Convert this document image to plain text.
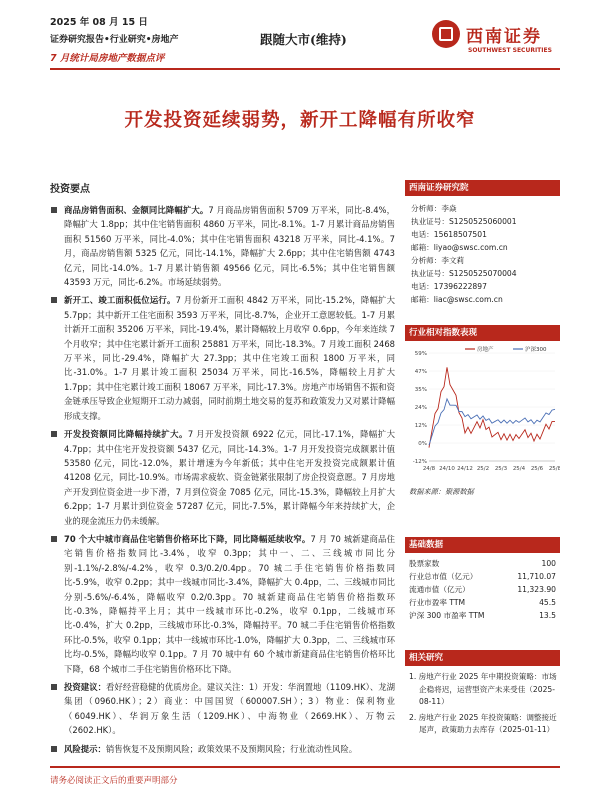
2025 年 08 月 15 日
证券研究报告•行业研究•房地产
7 月统计局房地产数据点评
跟随大市(维持)	西南证券
SOUTHWEST SECURITIES
开发投资延续弱势，新开工降幅有所收窄
投资要点
商品房销售面积、金额同比降幅扩大。7 月商品房销售面积 5709 万平米，同比-8.4%，降幅扩大 1.8pp；其中住宅销售面积 4860 万平米，同比-8.1%。1-7 月累计商品房销售面积 51560 万平米，同比-4.0%；其中住宅销售面积 43218 万平米，同比-4.1%。7 月，商品房销售额 5325 亿元，同比-14.1%，降幅扩大 2.6pp；其中住宅销售额 4743 亿元，同比-14.0%。1-7 月累计销售额 49566 亿元，同比-6.5%；其中住宅销售额 43593 万元，同比-6.2%。市场延续弱势。
新开工、竣工面积低位运行。7 月份新开工面积 4842 万平米，同比-15.2%，降幅扩大 5.7pp；其中新开工住宅面积 3593 万平米，同比-8.7%，企业开工意愿较低。1-7 月累计新开工面积 35206 万平米，同比-19.4%，累计降幅较上月收窄 0.6pp，今年来连续 7 个月收窄；其中住宅累计新开工面积 25881 万平米，同比-18.3%。7 月竣工面积 2468 万平米，同比-29.4%，降幅扩大 27.3pp；其中住宅竣工面积 1800 万平米，同比-31.0%。1-7 月累计竣工面积 25034 万平米，同比-16.5%，降幅较上月扩大 1.7pp；其中住宅累计竣工面积 18067 万平米，同比-17.3%。房地产市场销售不振和资金链承压导致企业短期开工动力减弱，同时前期土地交易的复苏和政策发力又对累计降幅形成支撑。
开发投资额同比降幅持续扩大。7 月开发投资额 6922 亿元，同比-17.1%，降幅扩大 4.7pp；其中住宅开发投资额 5437 亿元，同比-14.3%。1-7 月开发投资完成额累计值 53580 亿元，同比-12.0%，累计增速为今年新低；其中住宅开发投资完成额累计值 41208 亿元，同比-10.9%。市场需求疲软、资金链紧张限制了房企投资意愿。7 月房地产开发到位资金进一步下滑，7 月到位资金 7085 亿元，同比-15.3%，降幅较上月扩大 6.2pp；1-7 月累计到位资金 57287 亿元，同比-7.5%，累计降幅今年来持续扩大，企业的现金流压力仍未缓解。
70 个大中城市商品住宅销售价格环比下降，同比降幅延续收窄。7 月 70 城新建商品住宅销售价格指数同比-3.4%，收窄 0.3pp；其中一、二、三线城市同比分别-1.1%/-2.8%/-4.2%，收窄 0.3/0.2/0.4pp。70 城二手住宅销售价格指数同比-5.9%，收窄 0.2pp；其中一线城市同比-3.4%，降幅扩大 0.4pp，二、三线城市同比分别-5.6%/-6.4%，降幅收窄 0.2/0.3pp。70 城新建商品住宅销售价格指数环比-0.3%，降幅持平上月；其中一线城市环比-0.2%，收窄 0.1pp，二线城市环比-0.4%，扩大 0.2pp，三线城市环比-0.3%，降幅持平。70 城二手住宅销售价格指数环比-0.5%，收窄 0.1pp；其中一线城市环比-1.0%，降幅扩大 0.3pp，二、三线城市环比均-0.5%，降幅均收窄 0.1pp。7 月 70 城中有 60 个城市新建商品住宅销售价格环比下降，68 个城市二手住宅销售价格环比下降。
投资建议：看好经营稳健的优质房企。建议关注：1）开发：华润置地（1109.HK）、龙湖集团（0960.HK）；2）商业：中国国贸（600007.SH）；3）物业：保利物业（6049.HK）、华润万象生活（1209.HK）、中海物业（2669.HK）、万物云（2602.HK）。
风险提示：销售恢复不及预期风险；政策效果不及预期风险；行业流动性风险。
西南证券研究院
分析师：李焱
执业证号：S1250525060001
电话：15618507501
邮箱：liyao@swsc.com.cn
分析师：李文莉
执业证号：S1250525070004
电话：17396222897
邮箱：liac@swsc.com.cn
行业相对指数表现
59%
47%
35%
24%
12%
0%
-12%
24/8 24/10 24/12 25/2 25/3 25/4 25/6 25/8
房地产	沪深300
数据来源：聚源数据
基础数据
股票家数	100
行业总市值（亿元）	11,710.07
流通市值（亿元）	11,323.90
行业市盈率 TTM	45.5
沪深 300 市盈率 TTM	13.5
相关研究
1. 房地产行业 2025 年中期投资策略：市场企稳将迟，运营型资产未来受佳（2025-08-11）
2. 房地产行业 2025 年投资策略：调整接近尾声，政策助力去库存（2025-01-11）
请务必阅读正文后的重要声明部分
